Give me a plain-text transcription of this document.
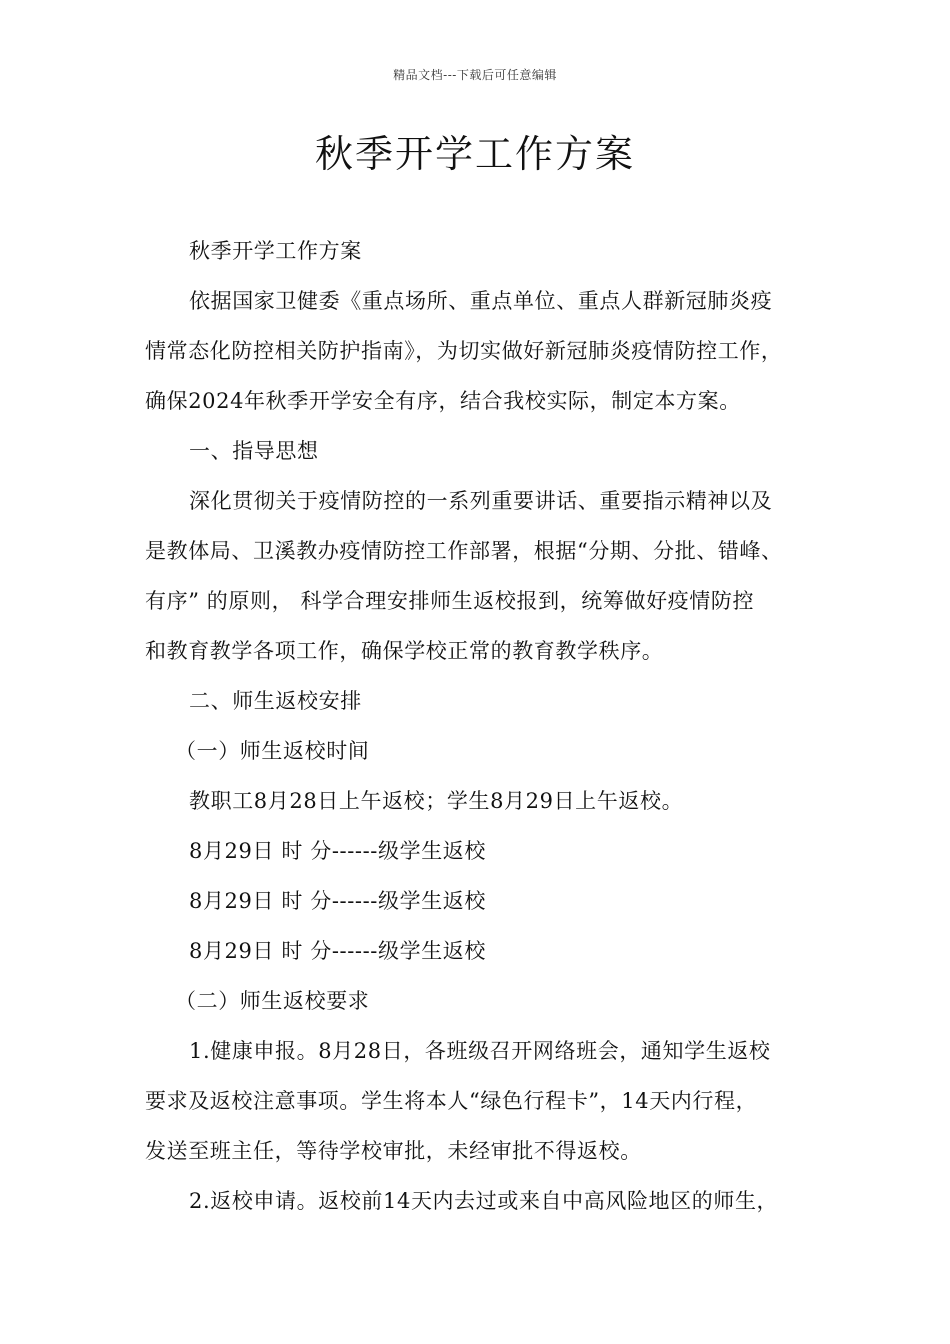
精品文档---下载后可任意编辑
秋季开学工作方案
秋季开学工作方案
依据国家卫健委《重点场所、重点单位、重点人群新冠肺炎疫
情常态化防控相关防护指南》，为切实做好新冠肺炎疫情防控工作，
确保2024年秋季开学安全有序，结合我校实际，制定本方案。
一、指导思想
深化贯彻关于疫情防控的一系列重要讲话、重要指示精神以及
是教体局、卫溪教办疫情防控工作部署，根据“分期、分批、错峰、
有序” 的原则， 科学合理安排师生返校报到，统筹做好疫情防控
和教育教学各项工作，确保学校正常的教育教学秩序。
二、师生返校安排
（一）师生返校时间
教职工8月28日上午返校；学生8月29日上午返校。
8月29日 时 分------级学生返校
8月29日 时 分------级学生返校
8月29日 时 分------级学生返校
（二）师生返校要求
1.健康申报。8月28日，各班级召开网络班会，通知学生返校
要求及返校注意事项。学生将本人“绿色行程卡”，14天内行程，
发送至班主任，等待学校审批，未经审批不得返校。
2.返校申请。返校前14天内去过或来自中高风险地区的师生，
